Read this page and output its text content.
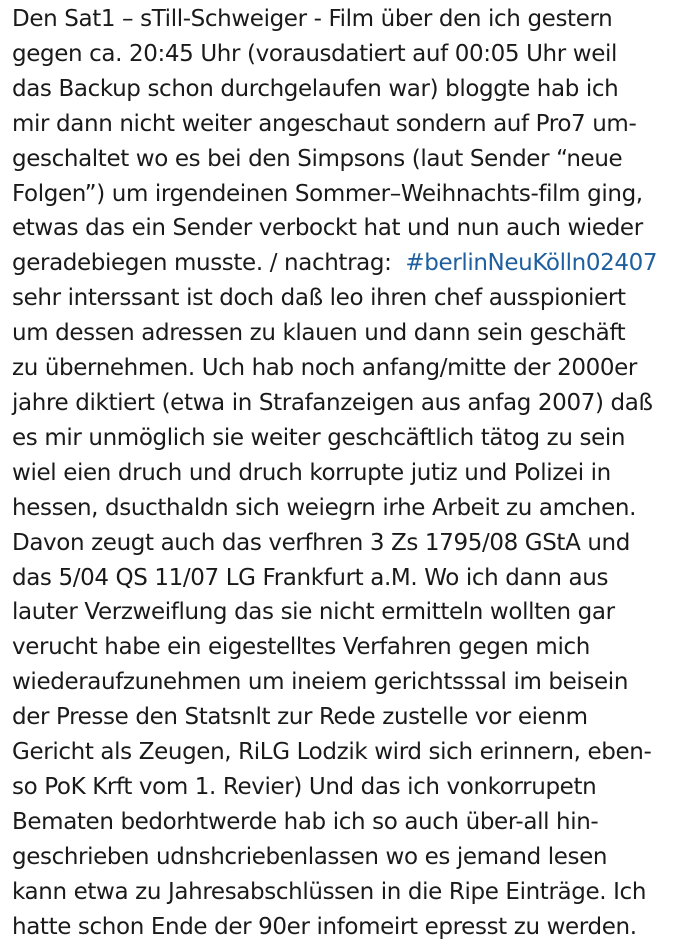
Den Sat1 – sTill-Schweiger - Film über den ich gestern
gegen ca. 20:45 Uhr (vorausdatiert auf 00:05 Uhr weil
das Backup schon durchgelaufen war) bloggte hab ich
mir dann nicht weiter angeschaut sondern auf Pro7 um-
geschaltet wo es bei den Simpsons (laut Sender “neue
Folgen”) um irgendeinen Sommer–Weihnachts-film ging,
etwas das ein Sender verbockt hat und nun auch wieder
geradebiegen musste. / nachtrag:  #berlinNeuKölln02407
sehr interssant ist doch daß leo ihren chef ausspioniert
um dessen adressen zu klauen und dann sein geschäft
zu übernehmen. Uch hab noch anfang/mitte der 2000er
jahre diktiert (etwa in Strafanzeigen aus anfag 2007) daß
es mir unmöglich sie weiter geschcäftlich tätog zu sein
wiel eien druch und druch korrupte jutiz und Polizei in
hessen, dsucthaldn sich weiegrn irhe Arbeit zu amchen.
Davon zeugt auch das verfhren 3 Zs 1795/08 GStA und
das 5/04 QS 11/07 LG Frankfurt a.M. Wo ich dann aus
lauter Verzweiflung das sie nicht ermitteln wollten gar
verucht habe ein eigestelltes Verfahren gegen mich
wiederaufzunehmen um ineiem gerichtsssal im beisein
der Presse den Statsnlt zur Rede zustelle vor eienm
Gericht als Zeugen, RiLG Lodzik wird sich erinnern, eben-
so PoK Krft vom 1. Revier) Und das ich vonkorrupetn
Bematen bedorhtwerde hab ich so auch über-all hin-
geschrieben udnshcriebenlassen wo es jemand lesen
kann etwa zu Jahresabschlüssen in die Ripe Einträge. Ich
hatte schon Ende der 90er infomeirt epresst zu werden.
